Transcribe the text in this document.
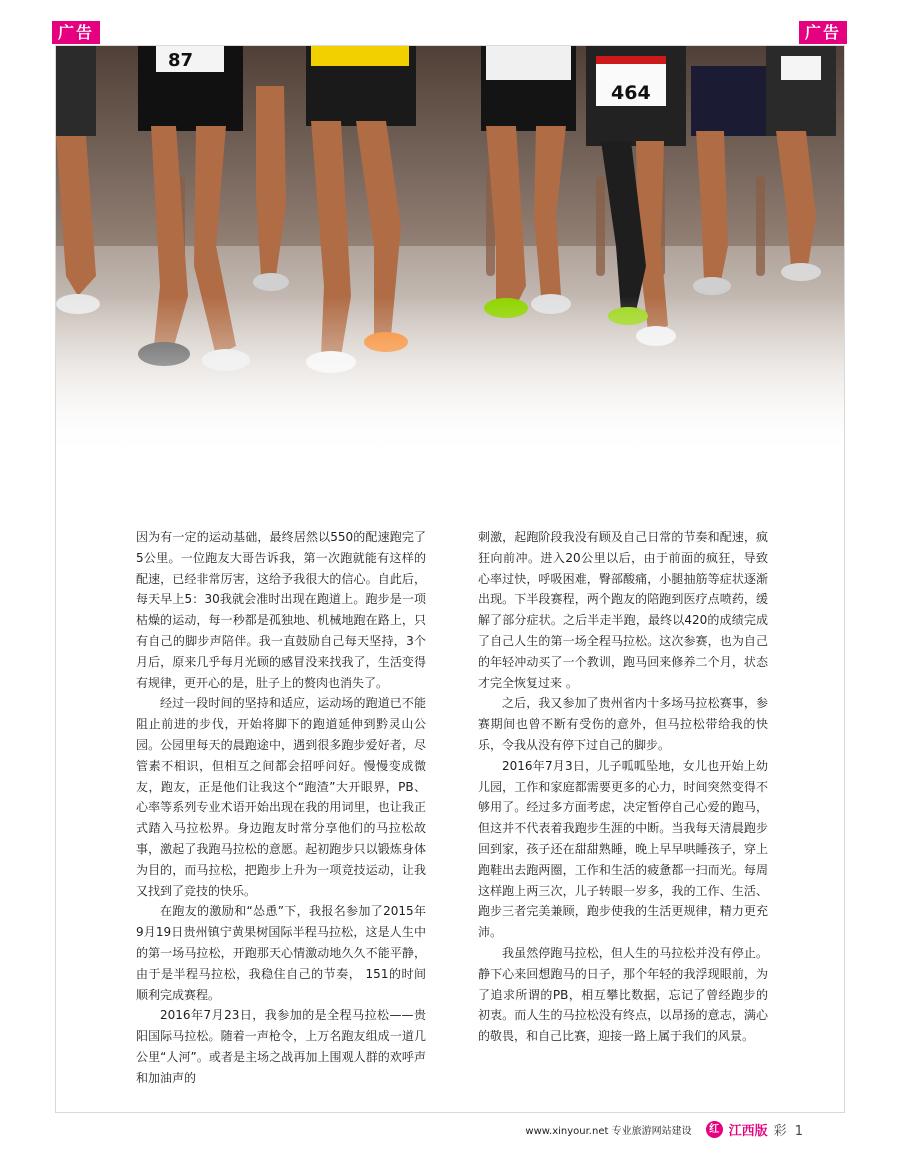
广告	广告
87
464

因为有一定的运动基础，最终居然以550的配速跑完了5公里。一位跑友大哥告诉我，第一次跑就能有这样的配速，已经非常厉害，这给予我很大的信心。自此后，每天早上5：30我就会准时出现在跑道上。跑步是一项枯燥的运动，每一秒都是孤独地、机械地跑在路上，只有自己的脚步声陪伴。我一直鼓励自己每天坚持，3个月后，原来几乎每月光顾的感冒没来找我了，生活变得有规律，更开心的是，肚子上的赘肉也消失了。

经过一段时间的坚持和适应，运动场的跑道已不能阻止前进的步伐，开始将脚下的跑道延伸到黔灵山公园。公园里每天的晨跑途中，遇到很多跑步爱好者，尽管素不相识，但相互之间都会招呼问好。慢慢变成微友，跑友，正是他们让我这个“跑渣”大开眼界，PB、心率等系列专业术语开始出现在我的用词里，也让我正式踏入马拉松界。身边跑友时常分享他们的马拉松故事，激起了我跑马拉松的意愿。起初跑步只以锻炼身体为目的，而马拉松，把跑步上升为一项竞技运动，让我又找到了竞技的快乐。

在跑友的激励和“怂恿”下，我报名参加了2015年9月19日贵州镇宁黄果树国际半程马拉松，这是人生中的第一场马拉松，开跑那天心情激动地久久不能平静，由于是半程马拉松，我稳住自己的节奏， 151的时间顺利完成赛程。

2016年7月23日，我参加的是全程马拉松——贵阳国际马拉松。随着一声枪令，上万名跑友组成一道几公里“人河”。或者是主场之战再加上围观人群的欢呼声和加油声的

刺激，起跑阶段我没有顾及自己日常的节奏和配速，疯狂向前冲。进入20公里以后，由于前面的疯狂，导致心率过快，呼吸困难，臀部酸痛，小腿抽筋等症状逐渐出现。下半段赛程，两个跑友的陪跑到医疗点喷药，缓解了部分症状。之后半走半跑，最终以420的成绩完成了自己人生的第一场全程马拉松。这次参赛，也为自己的年轻冲动买了一个教训，跑马回来修养二个月，状态才完全恢复过来 。

之后，我又参加了贵州省内十多场马拉松赛事，参赛期间也曾不断有受伤的意外，但马拉松带给我的快乐，令我从没有停下过自己的脚步。

2016年7月3日，儿子呱呱坠地，女儿也开始上幼儿园，工作和家庭都需要更多的心力，时间突然变得不够用了。经过多方面考虑，决定暂停自己心爱的跑马，但这并不代表着我跑步生涯的中断。当我每天清晨跑步回到家，孩子还在甜甜熟睡，晚上早早哄睡孩子，穿上跑鞋出去跑两圈，工作和生活的疲惫都一扫而光。每周这样跑上两三次，儿子转眼一岁多，我的工作、生活、跑步三者完美兼顾，跑步使我的生活更规律，精力更充沛。

我虽然停跑马拉松，但人生的马拉松并没有停止。静下心来回想跑马的日子，那个年轻的我浮现眼前，为了追求所谓的PB，相互攀比数据，忘记了曾经跑步的初衷。而人生的马拉松没有终点，以昂扬的意志，满心的敬畏，和自己比赛，迎接一路上属于我们的风景。

www.xinyour.net 专业旅游网站建设	红 江西版 彩 1
